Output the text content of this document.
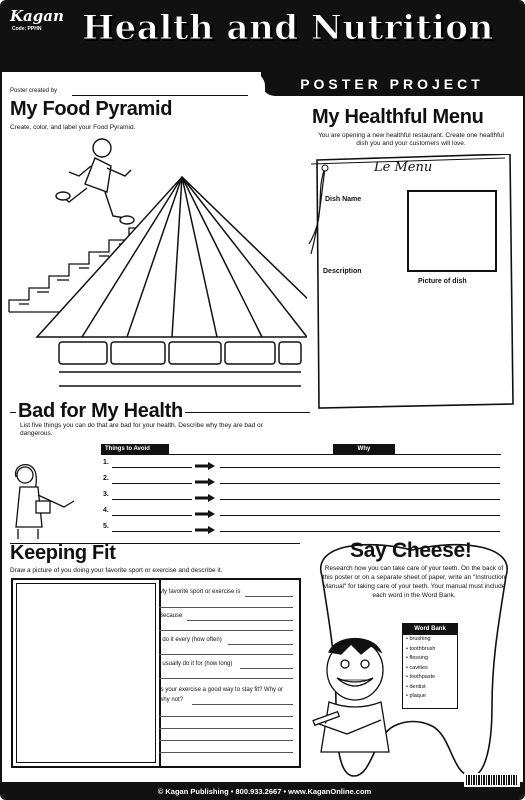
Kagan
Code: PPHN Health and Nutrition
POSTER PROJECT
Poster created by
My Food Pyramid
Create, color, and label your Food Pyramid.	My Healthful Menu
You are opening a new healthful restaurant. Create one healthful dish you and your customers will love.
Le Menu
Dish Name
Description
Picture of dish
Bad for My Health
List five things you can do that are bad for your health. Describe why they are bad or dangerous.
Things to Avoid	Why
1.
2.
3.
4.
5.
Keeping Fit
Draw a picture of you doing your favorite sport or exercise and describe it.
My favorite sport or exercise is
Because
I do it every (how often)
I usually do it for (how long)
Is your exercise a good way to stay fit? Why or why not?
Say Cheese!
Research how you can take care of your teeth. On the back of this poster or on a separate sheet of paper, write an "Instruction Manual" for taking care of your teeth. Your manual must include each word in the Word Bank.
Word Bank
• brushing
• toothbrush
• flossing
• cavities
• toothpaste
• dentist
• plaque
© Kagan Publishing • 800.933.2667 • www.KaganOnline.com
